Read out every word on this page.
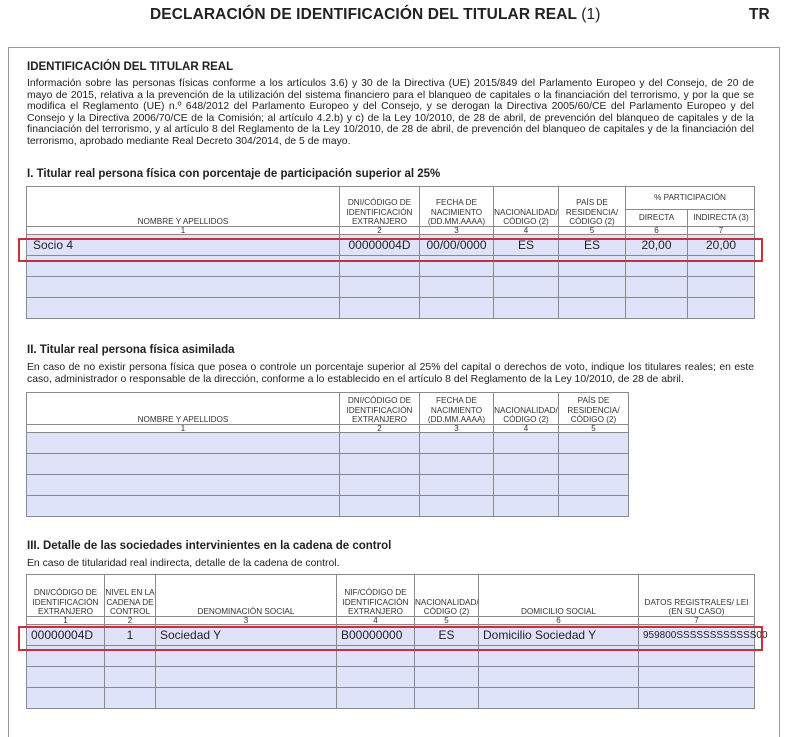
DECLARACIÓN DE IDENTIFICACIÓN DEL TITULAR REAL (1)	TR
IDENTIFICACIÓN DEL TITULAR REAL
Información sobre las personas físicas conforme a los artículos 3.6) y 30 de la Directiva (UE) 2015/849 del Parlamento Europeo y del Consejo, de 20 de mayo de 2015, relativa a la prevención de la utilización del sistema financiero para el blanqueo de capitales o la financiación del terrorismo, y por la que se modifica el Reglamento (UE) n.º 648/2012 del Parlamento Europeo y del Consejo, y se derogan la Directiva 2005/60/CE del Parlamento Europeo y del Consejo y la Directiva 2006/70/CE de la Comisión; al artículo 4.2.b) y c) de la Ley 10/2010, de 28 de abril, de prevención del blanqueo de capitales y de la financiación del terrorismo, y al artículo 8 del Reglamento de la Ley 10/2010, de 28 de abril, de prevención del blanqueo de capitales y de la financiación del terrorismo, aprobado mediante Real Decreto 304/2014, de 5 de mayo.
I. Titular real persona física con porcentaje de participación superior al 25%
NOMBRE Y APELLIDOS	DNI/CÓDIGO DE IDENTIFICACIÓN EXTRANJERO	FECHA DE NACIMIENTO (DD.MM.AAAA)	NACIONALIDAD/ CÓDIGO (2)	PAÍS DE RESIDENCIA/ CÓDIGO (2)	% PARTICIPACIÓN	
					DIRECTA	INDIRECTA (3)
1	2	3	4	5	6	7
Socio 4	00000004D	00/00/0000	ES	ES	20,00	20,00

II. Titular real persona física asimilada
En caso de no existir persona física que posea o controle un porcentaje superior al 25% del capital o derechos de voto, indique los titulares reales; en este caso, administrador o responsable de la dirección, conforme a lo establecido en el artículo 8 del Reglamento de la Ley 10/2010, de 28 de abril.
NOMBRE Y APELLIDOS	DNI/CÓDIGO DE IDENTIFICACIÓN EXTRANJERO	FECHA DE NACIMIENTO (DD.MM.AAAA)	NACIONALIDAD/ CÓDIGO (2)	PAÍS DE RESIDENCIA/ CÓDIGO (2)
1	2	3	4	5

III. Detalle de las sociedades intervinientes en la cadena de control
En caso de titularidad real indirecta, detalle de la cadena de control.
DNI/CÓDIGO DE IDENTIFICACIÓN EXTRANJERO	NIVEL EN LA CADENA DE CONTROL	DENOMINACIÓN SOCIAL	NIF/CÓDIGO DE IDENTIFICACIÓN EXTRANJERO	NACIONALIDAD/ CÓDIGO (2)	DOMICILIO SOCIAL	DATOS REGISTRALES/ LEI (EN SU CASO)
1	2	3	4	5	6	7
00000004D	1	Sociedad Y	B00000000	ES	Domicilio Sociedad Y	959800SSSSSSSSSSSS00
